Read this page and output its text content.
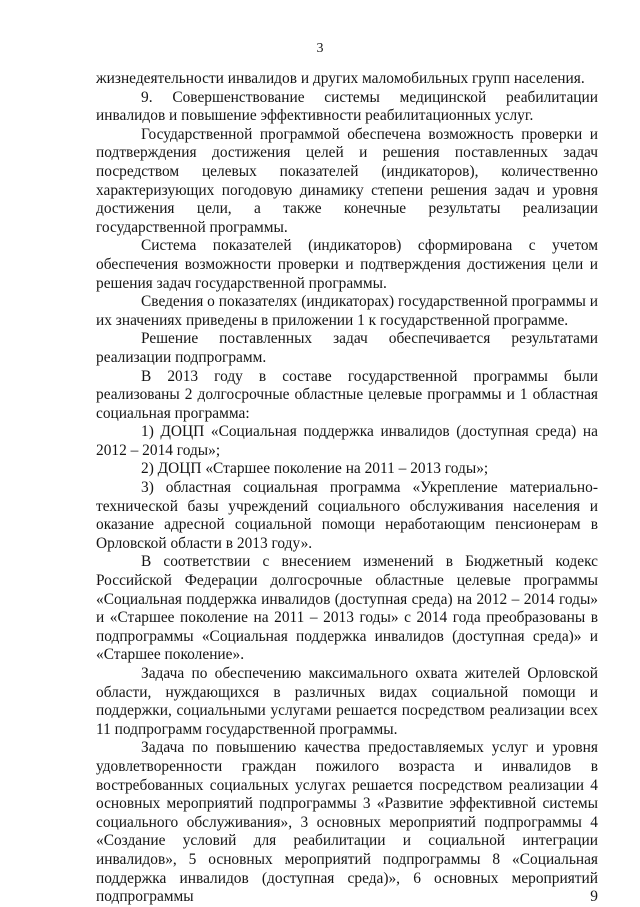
3

жизнедеятельности инвалидов и других маломобильных групп населения.

9. Совершенствование системы медицинской реабилитации инвалидов и повышение эффективности реабилитационных услуг.

Государственной программой обеспечена возможность проверки и подтверждения достижения целей и решения поставленных задач посредством целевых показателей (индикаторов), количественно характеризующих погодовую динамику степени решения задач и уровня достижения цели, а также конечные результаты реализации государственной программы.

Система показателей (индикаторов) сформирована с учетом обеспечения возможности проверки и подтверждения достижения цели и решения задач государственной программы.

Сведения о показателях (индикаторах) государственной программы и их значениях приведены в приложении 1 к государственной программе.

Решение поставленных задач обеспечивается результатами реализации подпрограмм.

В 2013 году в составе государственной программы были реализованы 2 долгосрочные областные целевые программы и 1 областная социальная программа:

1) ДОЦП «Социальная поддержка инвалидов (доступная среда) на 2012 – 2014 годы»;

2) ДОЦП «Старшее поколение на 2011 – 2013 годы»;

3) областная социальная программа «Укрепление материально-технической базы учреждений социального обслуживания населения и оказание адресной социальной помощи неработающим пенсионерам в Орловской области в 2013 году».

В соответствии с внесением изменений в Бюджетный кодекс Российской Федерации долгосрочные областные целевые программы «Социальная поддержка инвалидов (доступная среда) на 2012 – 2014 годы» и «Старшее поколение на 2011 – 2013 годы» с 2014 года преобразованы в подпрограммы «Социальная поддержка инвалидов (доступная среда)» и «Старшее поколение».

Задача по обеспечению максимального охвата жителей Орловской области, нуждающихся в различных видах социальной помощи и поддержки, социальными услугами решается посредством реализации всех 11 подпрограмм государственной программы.

Задача по повышению качества предоставляемых услуг и уровня удовлетворенности граждан пожилого возраста и инвалидов в востребованных социальных услугах решается посредством реализации 4 основных мероприятий подпрограммы 3 «Развитие эффективной системы социального обслуживания», 3 основных мероприятий подпрограммы 4 «Создание условий для реабилитации и социальной интеграции инвалидов», 5 основных мероприятий подпрограммы 8 «Социальная поддержка инвалидов (доступная среда)», 6 основных мероприятий подпрограммы 9
